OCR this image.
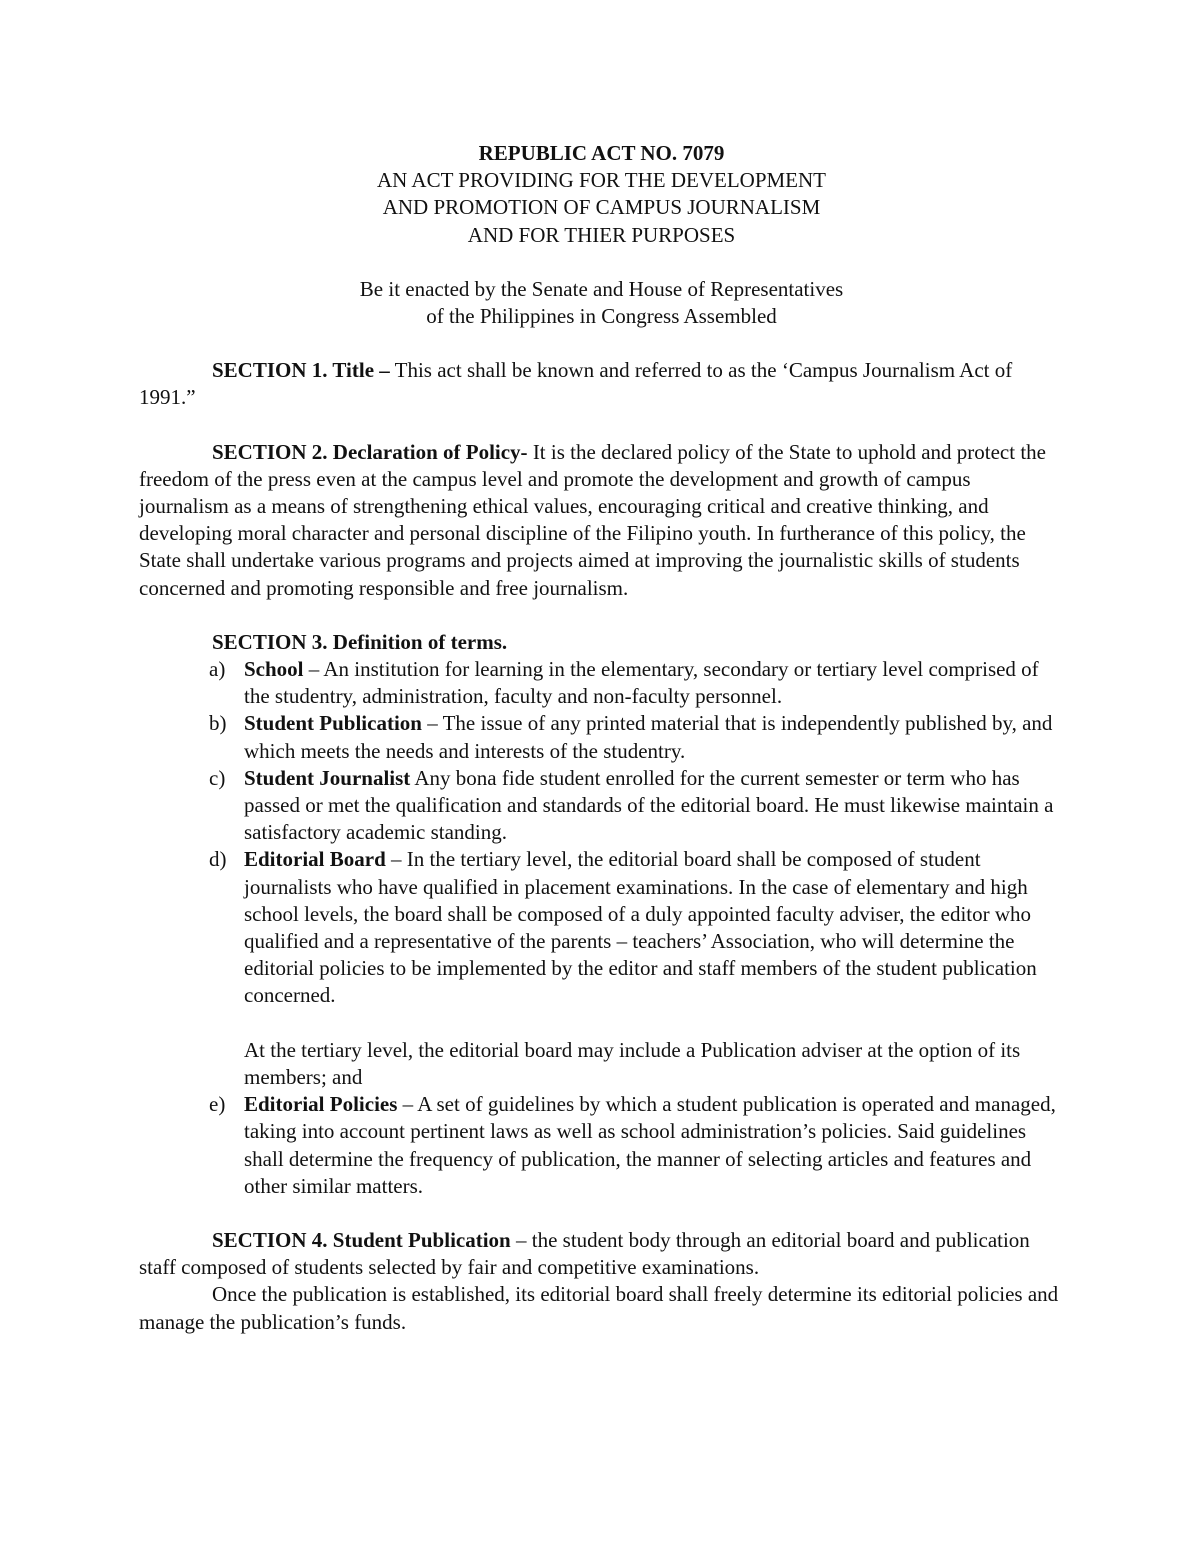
REPUBLIC ACT NO. 7079

AN ACT PROVIDING FOR THE DEVELOPMENT

AND PROMOTION OF CAMPUS JOURNALISM

AND FOR THIER PURPOSES

Be it enacted by the Senate and House of Representatives

of the Philippines in Congress Assembled

SECTION 1. Title – This act shall be known and referred to as the ‘Campus Journalism Act of 1991.”

SECTION 2. Declaration of Policy- It is the declared policy of the State to uphold and protect the freedom of the press even at the campus level and promote the development and growth of campus journalism as a means of strengthening ethical values, encouraging critical and creative thinking, and developing moral character and personal discipline of the Filipino youth. In furtherance of this policy, the State shall undertake various programs and projects aimed at improving the journalistic skills of students concerned and promoting responsible and free journalism.

SECTION 3. Definition of terms.

a) School – An institution for learning in the elementary, secondary or tertiary level comprised of the studentry, administration, faculty and non-faculty personnel.
b) Student Publication – The issue of any printed material that is independently published by, and which meets the needs and interests of the studentry.
c) Student Journalist Any bona fide student enrolled for the current semester or term who has passed or met the qualification and standards of the editorial board. He must likewise maintain a satisfactory academic standing.
d) Editorial Board – In the tertiary level, the editorial board shall be composed of student journalists who have qualified in placement examinations. In the case of elementary and high school levels, the board shall be composed of a duly appointed faculty adviser, the editor who qualified and a representative of the parents – teachers’ Association, who will determine the editorial policies to be implemented by the editor and staff members of the student publication concerned.

At the tertiary level, the editorial board may include a Publication adviser at the option of its members; and

e) Editorial Policies – A set of guidelines by which a student publication is operated and managed, taking into account pertinent laws as well as school administration’s policies. Said guidelines shall determine the frequency of publication, the manner of selecting articles and features and other similar matters.

SECTION 4. Student Publication – the student body through an editorial board and publication staff composed of students selected by fair and competitive examinations.

Once the publication is established, its editorial board shall freely determine its editorial policies and manage the publication’s funds.
